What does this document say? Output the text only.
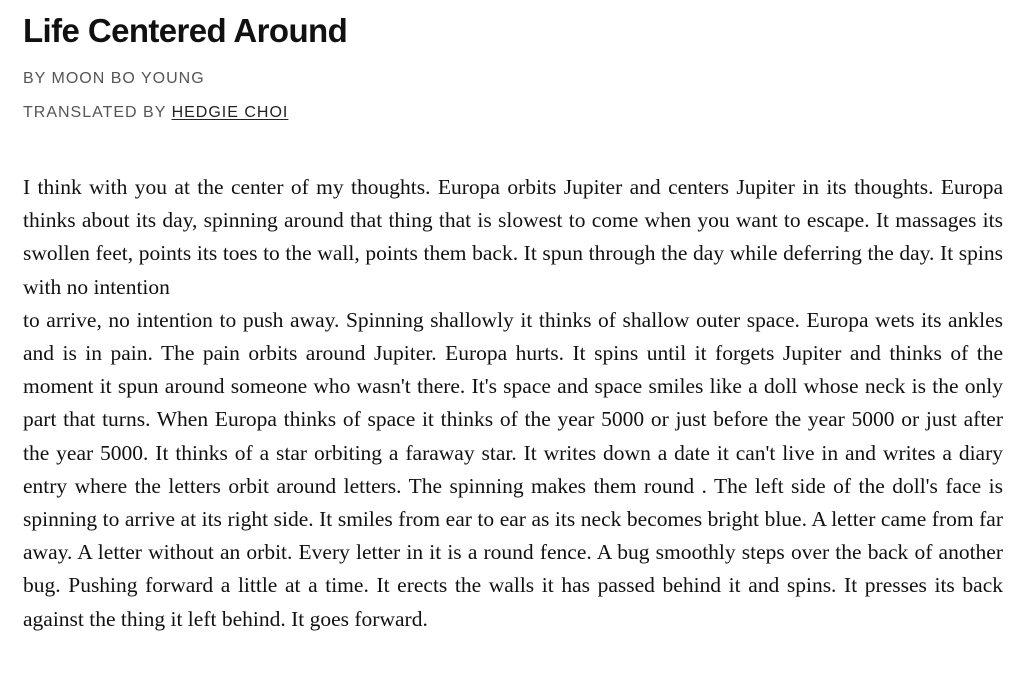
Life Centered Around
BY MOON BO YOUNG
TRANSLATED BY HEDGIE CHOI

I think with you at the center of my thoughts. Europa orbits Jupiter and centers Jupiter in its thoughts. Europa thinks about its day, spinning around that thing that is slowest to come when you want to escape. It massages its swollen feet, points its toes to the wall, points them back. It spun through the day while deferring the day. It spins with no intention

to arrive, no intention to push away. Spinning shallowly it thinks of shallow outer space. Europa wets its ankles and is in pain. The pain orbits around Jupiter. Europa hurts. It spins until it forgets Jupiter and thinks of the moment it spun around someone who wasn't there. It's space and space smiles like a doll whose neck is the only part that turns. When Europa thinks of space it thinks of the year 5000 or just before the year 5000 or just after the year 5000. It thinks of a star orbiting a faraway star. It writes down a date it can't live in and writes a diary entry where the letters orbit around letters. The spinning makes them round . The left side of the doll's face is spinning to arrive at its right side. It smiles from ear to ear as its neck becomes bright blue. A letter came from far away. A letter without an orbit. Every letter in it is a round fence. A bug smoothly steps over the back of another bug. Pushing forward a little at a time. It erects the walls it has passed behind it and spins. It presses its back against the thing it left behind. It goes forward.
